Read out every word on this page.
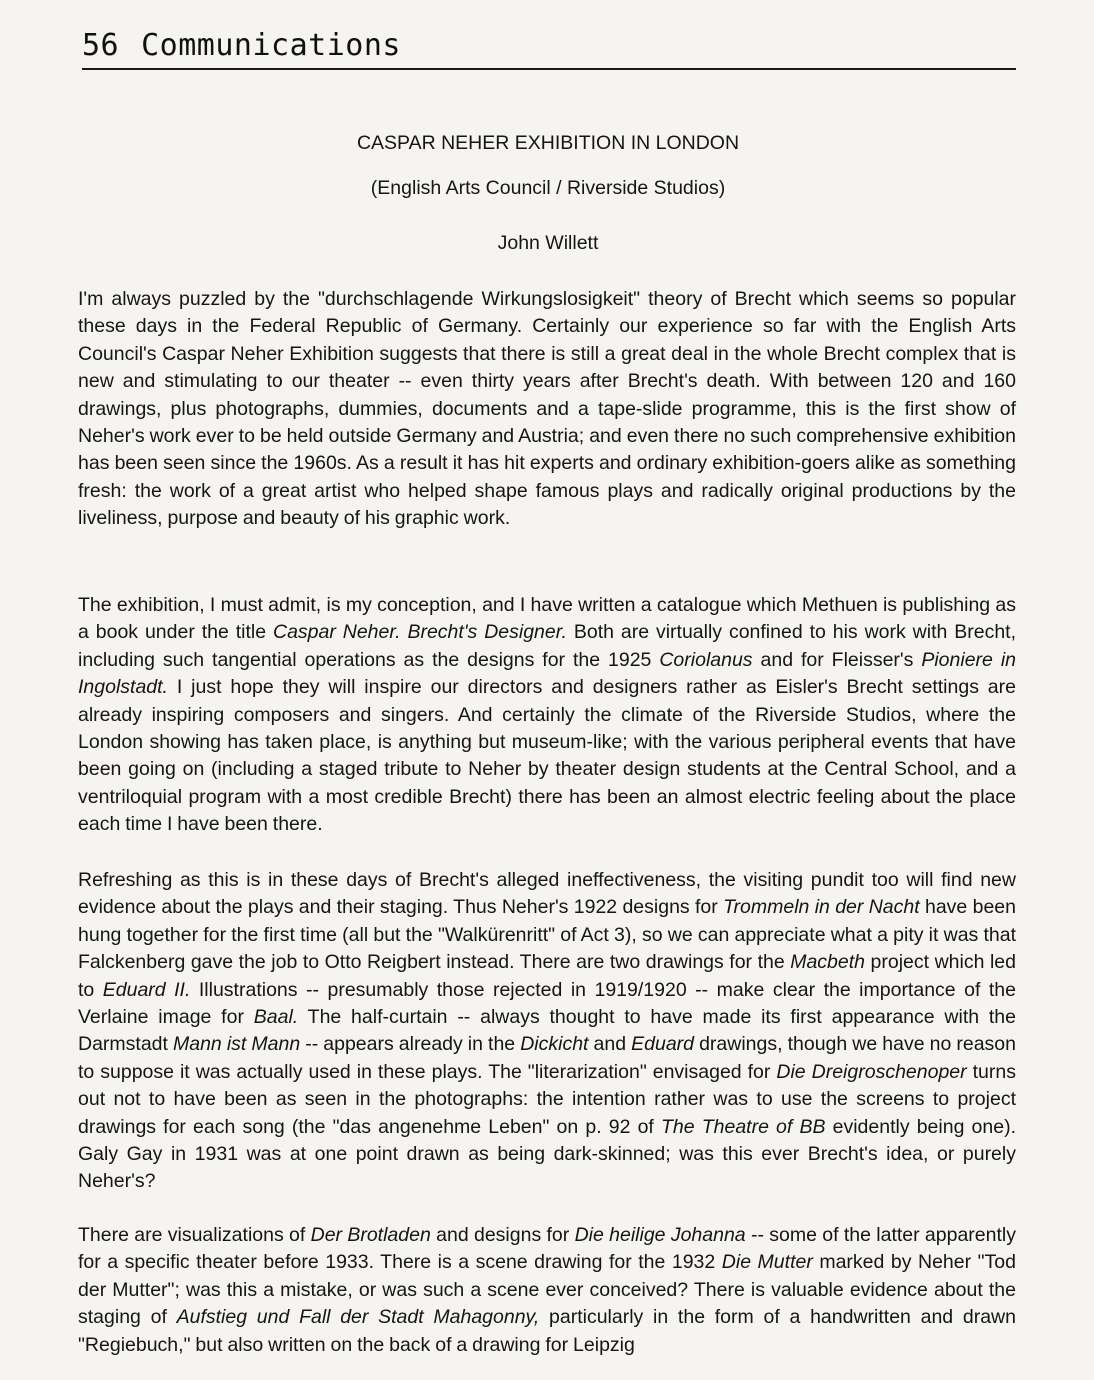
56 Communications
CASPAR NEHER EXHIBITION IN LONDON
(English Arts Council / Riverside Studios)
John Willett

I'm always puzzled by the "durchschlagende Wirkungslosigkeit" theory of Brecht which seems so popular these days in the Federal Republic of Germany. Certainly our experience so far with the English Arts Council's Caspar Neher Exhibition suggests that there is still a great deal in the whole Brecht complex that is new and stimulating to our theater -- even thirty years after Brecht's death. With between 120 and 160 drawings, plus photographs, dummies, documents and a tape-slide programme, this is the first show of Neher's work ever to be held outside Germany and Austria; and even there no such comprehensive exhibition has been seen since the 1960s. As a result it has hit experts and ordinary exhibition-goers alike as something fresh: the work of a great artist who helped shape famous plays and radically original productions by the liveliness, purpose and beauty of his graphic work.

The exhibition, I must admit, is my conception, and I have written a catalogue which Methuen is publishing as a book under the title Caspar Neher. Brecht's Designer. Both are virtually confined to his work with Brecht, including such tangential operations as the designs for the 1925 Coriolanus and for Fleisser's Pioniere in Ingolstadt. I just hope they will inspire our directors and designers rather as Eisler's Brecht settings are already inspiring composers and singers. And certainly the climate of the Riverside Studios, where the London showing has taken place, is anything but museum-like; with the various peripheral events that have been going on (including a staged tribute to Neher by theater design students at the Central School, and a ventriloquial program with a most credible Brecht) there has been an almost electric feeling about the place each time I have been there.

Refreshing as this is in these days of Brecht's alleged ineffectiveness, the visiting pundit too will find new evidence about the plays and their staging. Thus Neher's 1922 designs for Trommeln in der Nacht have been hung together for the first time (all but the "Walkürenritt" of Act 3), so we can appreciate what a pity it was that Falckenberg gave the job to Otto Reigbert instead. There are two drawings for the Macbeth project which led to Eduard II. Illustrations -- presumably those rejected in 1919/1920 -- make clear the importance of the Verlaine image for Baal. The half-curtain -- always thought to have made its first appearance with the Darmstadt Mann ist Mann -- appears already in the Dickicht and Eduard drawings, though we have no reason to suppose it was actually used in these plays. The "literarization" envisaged for Die Dreigroschenoper turns out not to have been as seen in the photographs: the intention rather was to use the screens to project drawings for each song (the "das angenehme Leben" on p. 92 of The Theatre of BB evidently being one). Galy Gay in 1931 was at one point drawn as being dark-skinned; was this ever Brecht's idea, or purely Neher's?

There are visualizations of Der Brotladen and designs for Die heilige Johanna -- some of the latter apparently for a specific theater before 1933. There is a scene drawing for the 1932 Die Mutter marked by Neher "Tod der Mutter"; was this a mistake, or was such a scene ever conceived? There is valuable evidence about the staging of Aufstieg und Fall der Stadt Mahagonny, particularly in the form of a handwritten and drawn "Regiebuch," but also written on the back of a drawing for Leipzig
